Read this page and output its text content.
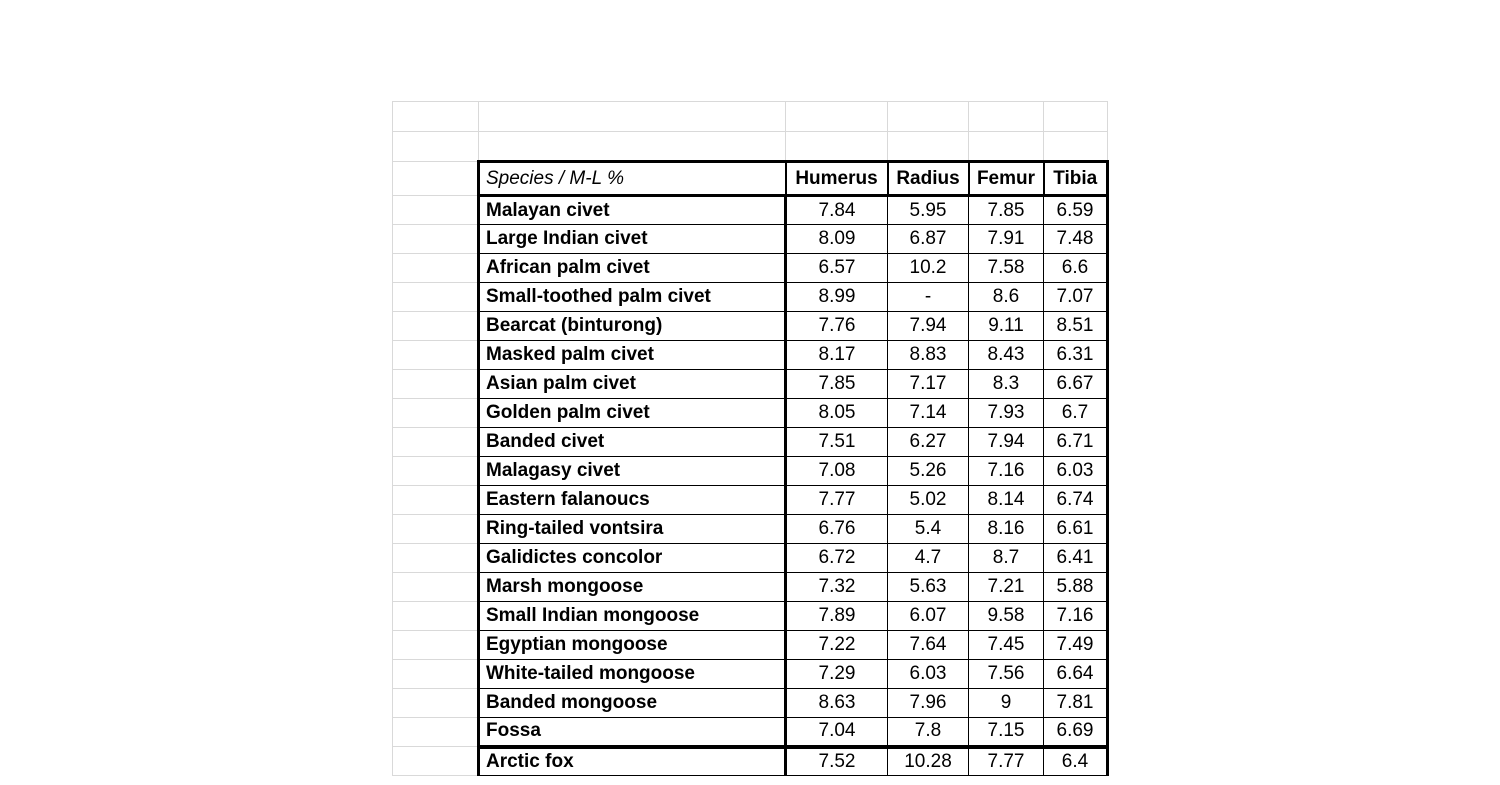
	Species / M-L %	Humerus	Radius	Femur	Tibia
	Malayan civet	7.84	5.95	7.85	6.59
	Large Indian civet	8.09	6.87	7.91	7.48
	African palm civet	6.57	10.2	7.58	6.6
	Small-toothed palm civet	8.99	-	8.6	7.07
	Bearcat (binturong)	7.76	7.94	9.11	8.51
	Masked palm civet	8.17	8.83	8.43	6.31
	Asian palm civet	7.85	7.17	8.3	6.67
	Golden palm civet	8.05	7.14	7.93	6.7
	Banded civet	7.51	6.27	7.94	6.71
	Malagasy civet	7.08	5.26	7.16	6.03
	Eastern falanoucs	7.77	5.02	8.14	6.74
	Ring-tailed vontsira	6.76	5.4	8.16	6.61
	Galidictes concolor	6.72	4.7	8.7	6.41
	Marsh mongoose	7.32	5.63	7.21	5.88
	Small Indian mongoose	7.89	6.07	9.58	7.16
	Egyptian mongoose	7.22	7.64	7.45	7.49
	White-tailed mongoose	7.29	6.03	7.56	6.64
	Banded mongoose	8.63	7.96	9	7.81
	Fossa	7.04	7.8	7.15	6.69
	Arctic fox	7.52	10.28	7.77	6.4
